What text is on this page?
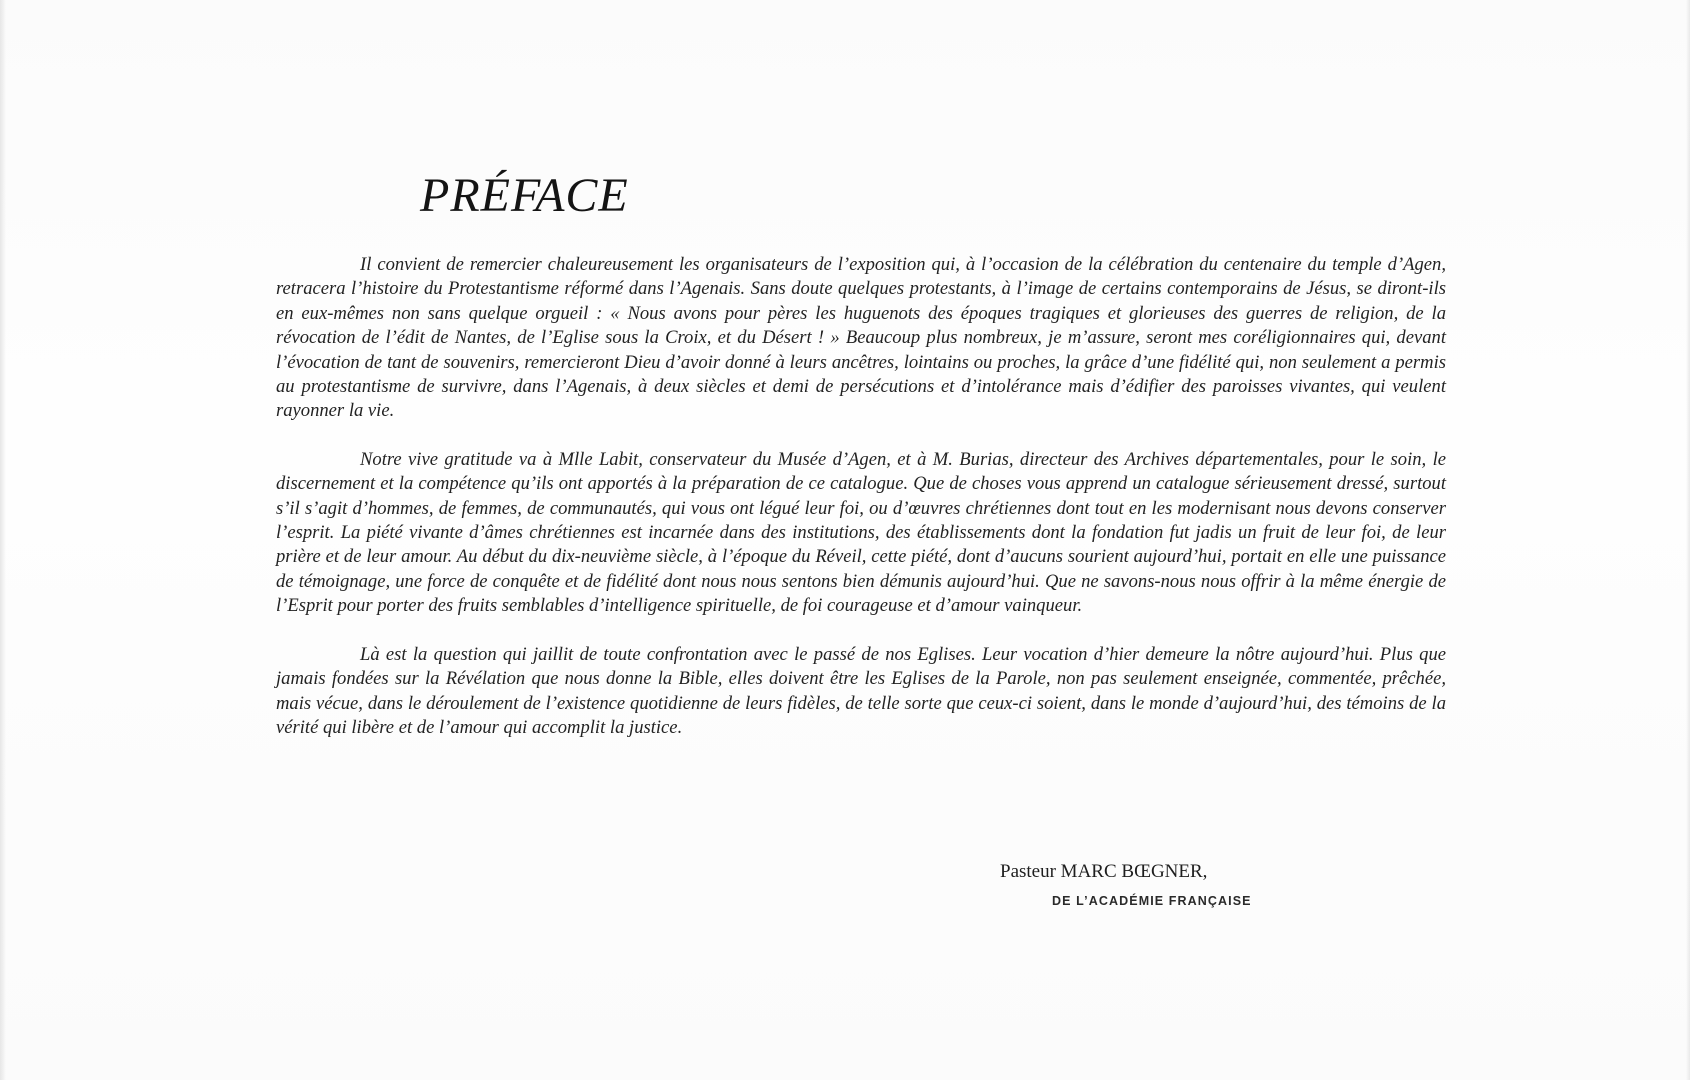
PRÉFACE

Il convient de remercier chaleureusement les organisateurs de l’exposition qui, à l’occasion de la célébration du centenaire du temple d’Agen, retracera l’histoire du Protestantisme réformé dans l’Agenais. Sans doute quelques protestants, à l’image de certains contemporains de Jésus, se diront-ils en eux-mêmes non sans quelque orgueil : « Nous avons pour pères les huguenots des époques tragiques et glorieuses des guerres de religion, de la révocation de l’édit de Nantes, de l’Eglise sous la Croix, et du Désert ! » Beaucoup plus nombreux, je m’assure, seront mes coréligionnaires qui, devant l’évocation de tant de souvenirs, remercieront Dieu d’avoir donné à leurs ancêtres, lointains ou proches, la grâce d’une fidélité qui, non seulement a permis au protestantisme de survivre, dans l’Agenais, à deux siècles et demi de persécutions et d’intolérance mais d’édifier des paroisses vivantes, qui veulent rayonner la vie.

Notre vive gratitude va à Mlle Labit, conservateur du Musée d’Agen, et à M. Burias, directeur des Archives départementales, pour le soin, le discernement et la compétence qu’ils ont apportés à la préparation de ce catalogue. Que de choses vous apprend un catalogue sérieusement dressé, surtout s’il s’agit d’hommes, de femmes, de communautés, qui vous ont légué leur foi, ou d’œuvres chrétiennes dont tout en les modernisant nous devons conserver l’esprit. La piété vivante d’âmes chrétiennes est incarnée dans des institutions, des établissements dont la fondation fut jadis un fruit de leur foi, de leur prière et de leur amour. Au début du dix-neuvième siècle, à l’époque du Réveil, cette piété, dont d’aucuns sourient aujourd’hui, portait en elle une puissance de témoignage, une force de conquête et de fidélité dont nous nous sentons bien démunis aujourd’hui. Que ne savons-nous nous offrir à la même énergie de l’Esprit pour porter des fruits semblables d’intelligence spirituelle, de foi courageuse et d’amour vainqueur.

Là est la question qui jaillit de toute confrontation avec le passé de nos Eglises. Leur vocation d’hier demeure la nôtre aujourd’hui. Plus que jamais fondées sur la Révélation que nous donne la Bible, elles doivent être les Eglises de la Parole, non pas seulement enseignée, commentée, prêchée, mais vécue, dans le déroulement de l’existence quotidienne de leurs fidèles, de telle sorte que ceux-ci soient, dans le monde d’aujourd’hui, des témoins de la vérité qui libère et de l’amour qui accomplit la justice.

Pasteur MARC BŒGNER,
DE L’ACADÉMIE FRANÇAISE
